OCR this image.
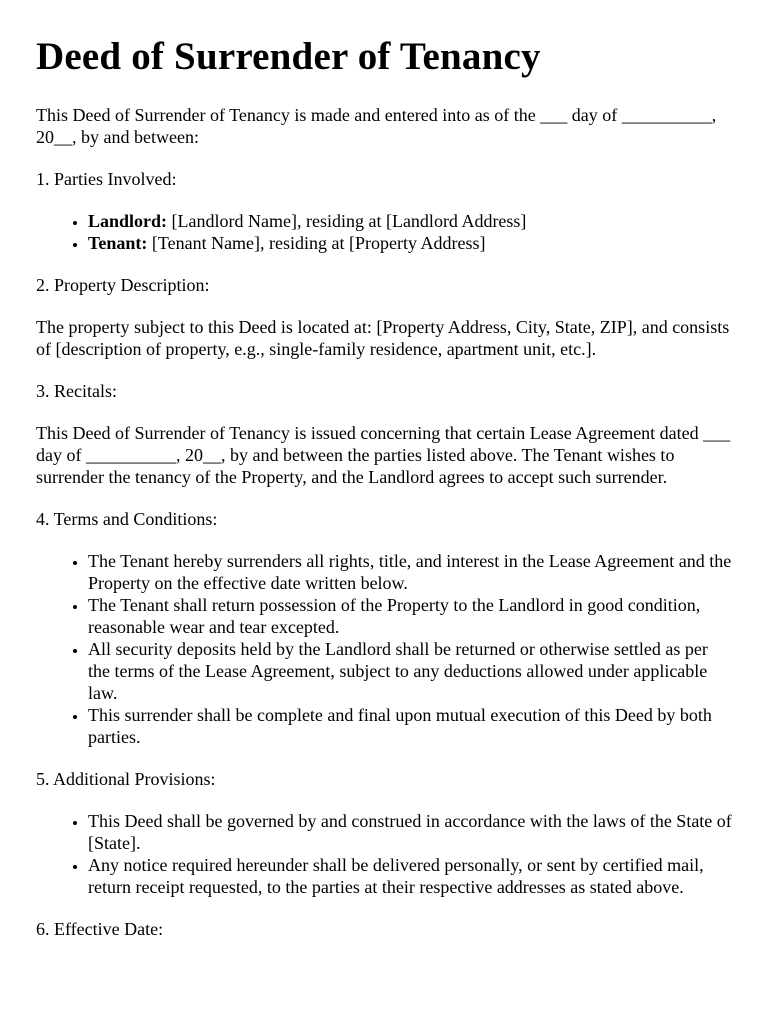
Deed of Surrender of Tenancy

This Deed of Surrender of Tenancy is made and entered into as of the ___ day of __________, 20__, by and between:

1. Parties Involved:

• Landlord: [Landlord Name], residing at [Landlord Address]
• Tenant: [Tenant Name], residing at [Property Address]

2. Property Description:

The property subject to this Deed is located at: [Property Address, City, State, ZIP], and consists of [description of property, e.g., single-family residence, apartment unit, etc.].

3. Recitals:

This Deed of Surrender of Tenancy is issued concerning that certain Lease Agreement dated ___ day of __________, 20__, by and between the parties listed above. The Tenant wishes to surrender the tenancy of the Property, and the Landlord agrees to accept such surrender.

4. Terms and Conditions:

• The Tenant hereby surrenders all rights, title, and interest in the Lease Agreement and the Property on the effective date written below.
• The Tenant shall return possession of the Property to the Landlord in good condition, reasonable wear and tear excepted.
• All security deposits held by the Landlord shall be returned or otherwise settled as per the terms of the Lease Agreement, subject to any deductions allowed under applicable law.
• This surrender shall be complete and final upon mutual execution of this Deed by both parties.

5. Additional Provisions:

• This Deed shall be governed by and construed in accordance with the laws of the State of [State].
• Any notice required hereunder shall be delivered personally, or sent by certified mail, return receipt requested, to the parties at their respective addresses as stated above.

6. Effective Date:
